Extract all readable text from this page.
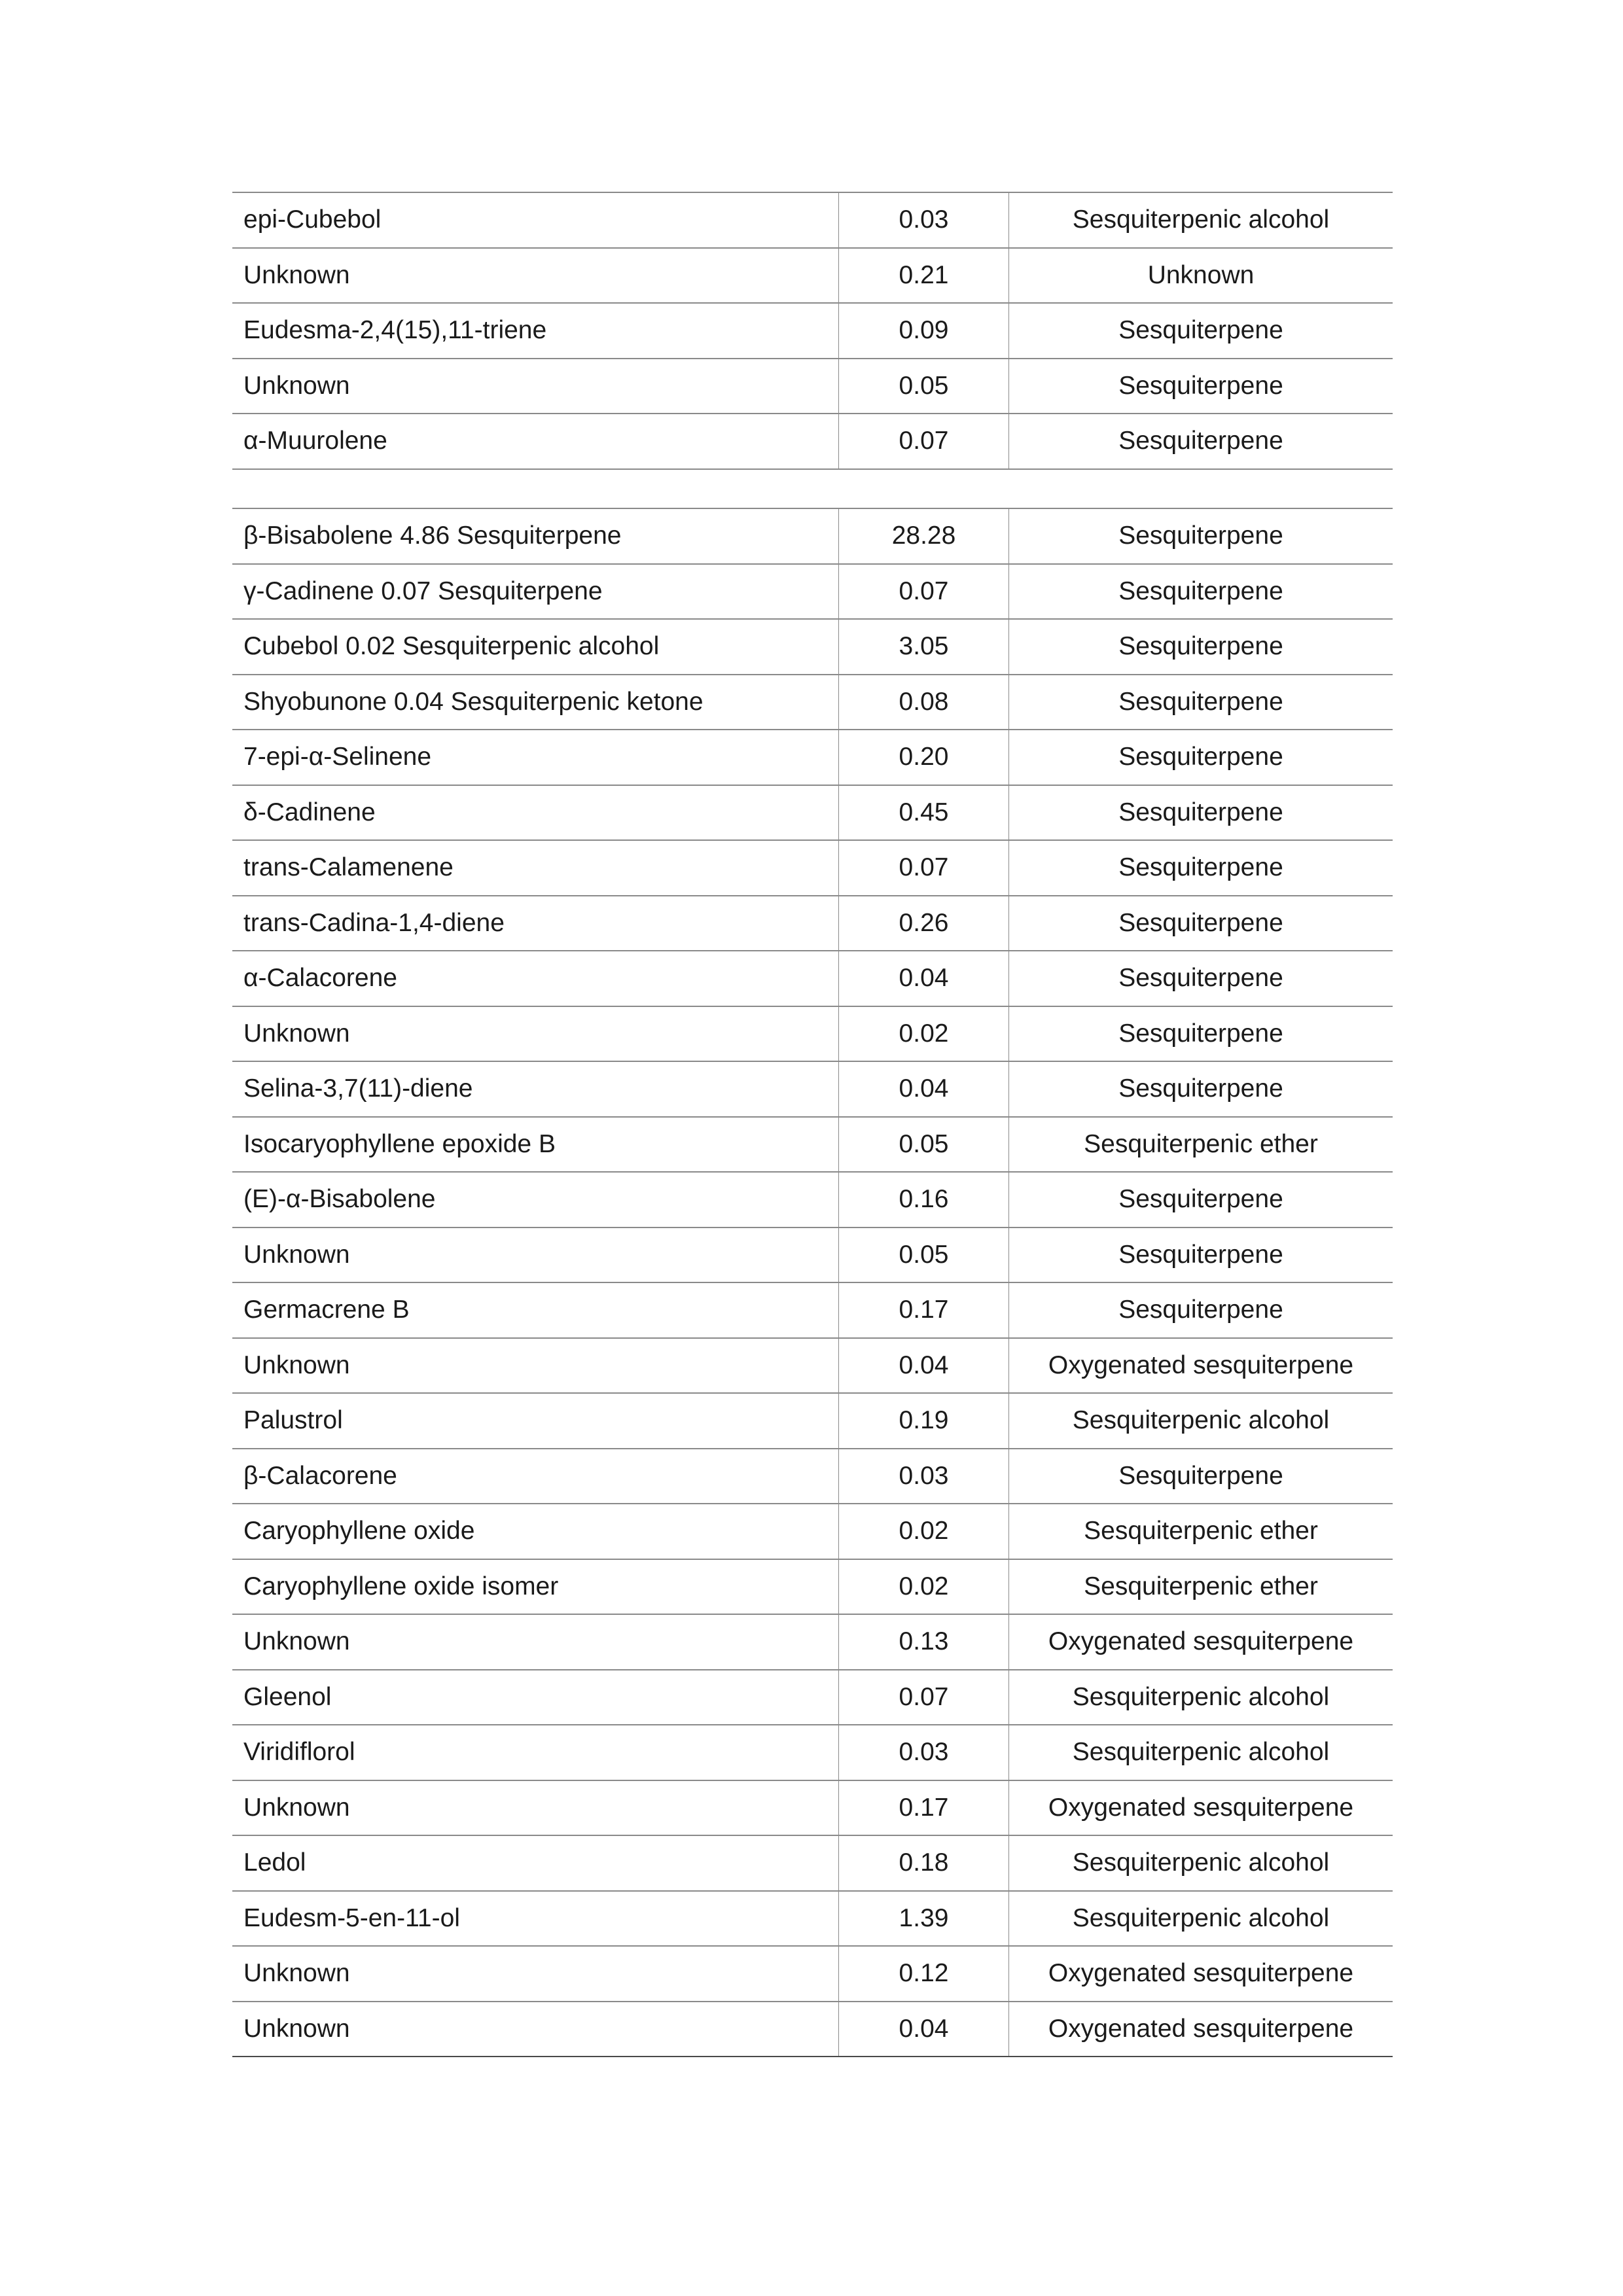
epi-Cubebol	0.03	Sesquiterpenic alcohol
Unknown	0.21	Unknown
Eudesma-2,4(15),11-triene	0.09	Sesquiterpene
Unknown	0.05	Sesquiterpene
α-Muurolene	0.07	Sesquiterpene
β-Bisabolene 4.86 Sesquiterpene	28.28	Sesquiterpene
γ-Cadinene 0.07 Sesquiterpene	0.07	Sesquiterpene
Cubebol 0.02 Sesquiterpenic alcohol	3.05	Sesquiterpene
Shyobunone 0.04 Sesquiterpenic ketone	0.08	Sesquiterpene
7-epi-α-Selinene	0.20	Sesquiterpene
δ-Cadinene	0.45	Sesquiterpene
trans-Calamenene	0.07	Sesquiterpene
trans-Cadina-1,4-diene	0.26	Sesquiterpene
α-Calacorene	0.04	Sesquiterpene
Unknown	0.02	Sesquiterpene
Selina-3,7(11)-diene	0.04	Sesquiterpene
Isocaryophyllene epoxide B	0.05	Sesquiterpenic ether
(E)-α-Bisabolene	0.16	Sesquiterpene
Unknown	0.05	Sesquiterpene
Germacrene B	0.17	Sesquiterpene
Unknown	0.04	Oxygenated sesquiterpene
Palustrol	0.19	Sesquiterpenic alcohol
β-Calacorene	0.03	Sesquiterpene
Caryophyllene oxide	0.02	Sesquiterpenic ether
Caryophyllene oxide isomer	0.02	Sesquiterpenic ether
Unknown	0.13	Oxygenated sesquiterpene
Gleenol	0.07	Sesquiterpenic alcohol
Viridiflorol	0.03	Sesquiterpenic alcohol
Unknown	0.17	Oxygenated sesquiterpene
Ledol	0.18	Sesquiterpenic alcohol
Eudesm-5-en-11-ol	1.39	Sesquiterpenic alcohol
Unknown	0.12	Oxygenated sesquiterpene
Unknown	0.04	Oxygenated sesquiterpene
